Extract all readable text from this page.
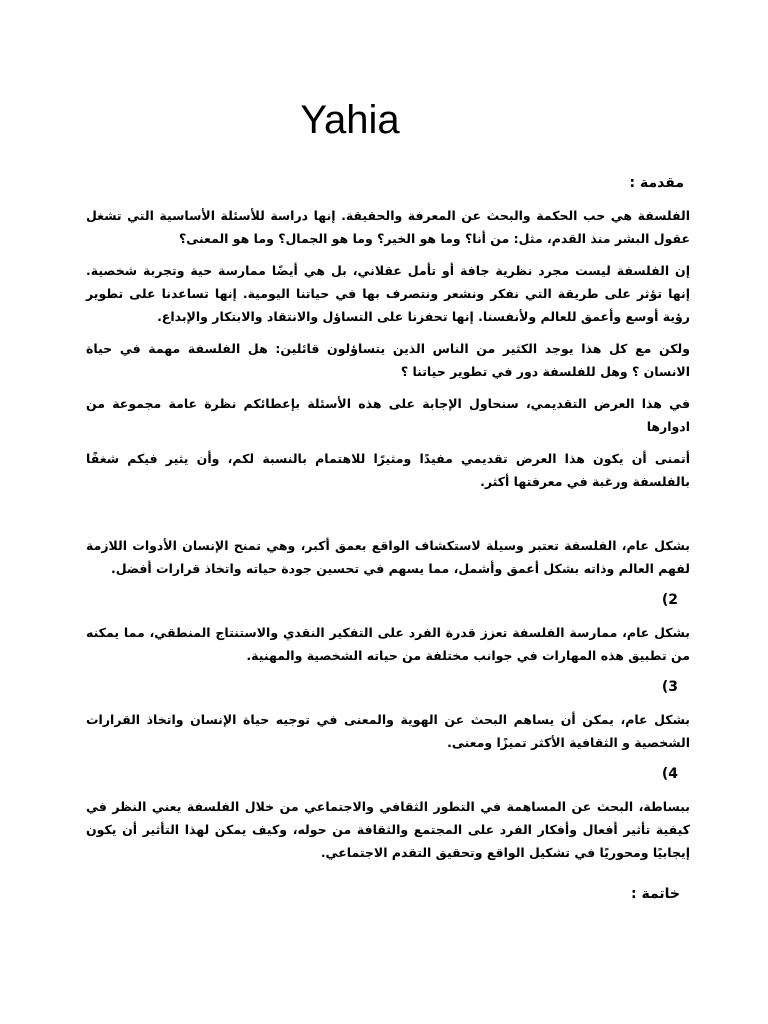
Yahia
مقدمة :

الفلسفة هي حب الحكمة والبحث عن المعرفة والحقيقة. إنها دراسة للأسئلة الأساسية التي تشغل عقول البشر منذ القدم، مثل: من أنا؟ وما هو الخير؟ وما هو الجمال؟ وما هو المعنى؟

إن الفلسفة ليست مجرد نظرية جافة أو تأمل عقلاني، بل هي أيضًا ممارسة حية وتجربة شخصية. إنها تؤثر على طريقة التي نفكر ونشعر ونتصرف بها في حياتنا اليومية. إنها تساعدنا على تطوير رؤية أوسع وأعمق للعالم ولأنفسنا. إنها تحفزنا على التساؤل والانتقاد والابتكار والإبداع.

ولكن مع كل هذا يوجد الكثير من الناس الذين يتساؤلون قائلين: هل الفلسفة مهمة في حياة الانسان ؟ وهل للفلسفة دور في تطوير حياتنا ؟

في هذا العرض التقديمي، سنحاول الإجابة على هذه الأسئلة بإعطائكم نظرة عامة مجموعة من ادوارها

أتمنى أن يكون هذا العرض تقديمي مفيدًا ومثيرًا للاهتمام بالنسبة لكم، وأن يثير فيكم شغفًا بالفلسفة ورغبة في معرفتها أكثر.

بشكل عام، الفلسفة تعتبر وسيلة لاستكشاف الواقع بعمق أكبر، وهي تمنح الإنسان الأدوات اللازمة لفهم العالم وذاته بشكل أعمق وأشمل، مما يسهم في تحسين جودة حياته واتخاذ قرارات أفضل.

(2

بشكل عام، ممارسة الفلسفة تعزز قدرة الفرد على التفكير النقدي والاستنتاج المنطقي، مما يمكنه من تطبيق هذه المهارات في جوانب مختلفة من حياته الشخصية والمهنية.

(3

بشكل عام، يمكن أن يساهم البحث عن الهوية والمعنى في توجيه حياة الإنسان واتخاذ القرارات الشخصية و الثقافية الأكثر تميزًا ومعنى.

(4

ببساطة، البحث عن المساهمة في التطور الثقافي والاجتماعي من خلال الفلسفة يعني النظر في كيفية تأثير أفعال وأفكار الفرد على المجتمع والثقافة من حوله، وكيف يمكن لهذا التأثير أن يكون إيجابيًا ومحوريًا في تشكيل الواقع وتحقيق التقدم الاجتماعي.

خاتمة :
